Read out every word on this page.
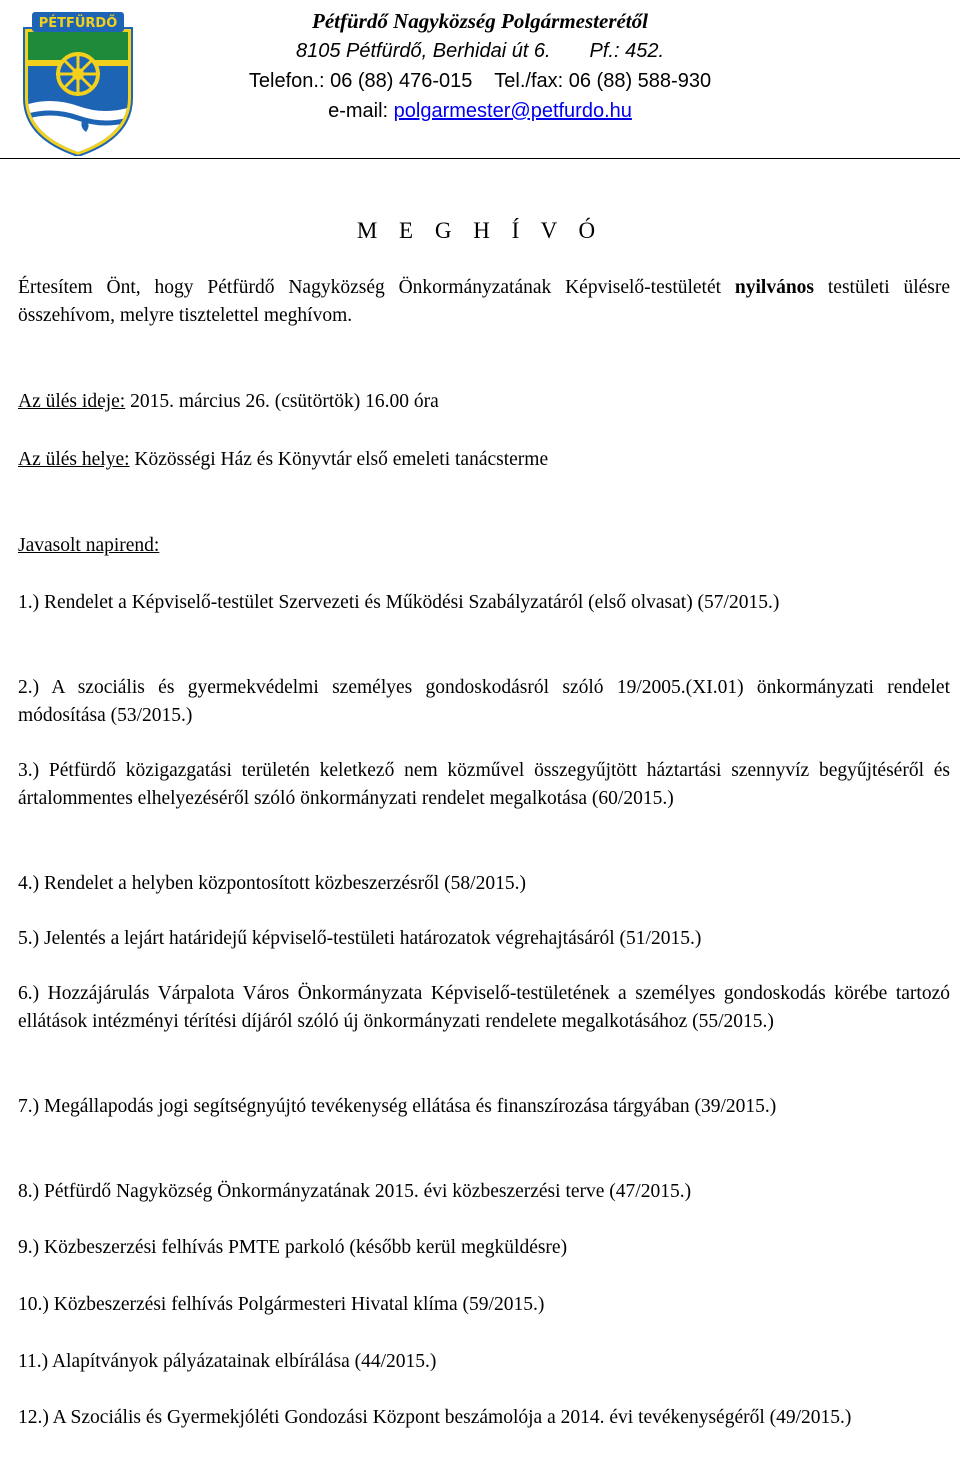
PÉTFÜRDŐ	Pétfürdő Nagyközség Polgármesterétől
8105 Pétfürdő, Berhidai út 6. Pf.: 452.
Telefon.: 06 (88) 476-015 Tel./fax: 06 (88) 588-930
e-mail: polgarmester@petfurdo.hu
M E G H Í V Ó
Értesítem Önt, hogy Pétfürdő Nagyközség Önkormányzatának Képviselő-testületét nyilvános testületi ülésre összehívom, melyre tisztelettel meghívom.
Az ülés ideje: 2015. március 26. (csütörtök) 16.00 óra
Az ülés helye: Közösségi Ház és Könyvtár első emeleti tanácsterme
Javasolt napirend:
1.) Rendelet a Képviselő-testület Szervezeti és Működési Szabályzatáról (első olvasat) (57/2015.)
2.) A szociális és gyermekvédelmi személyes gondoskodásról szóló 19/2005.(XI.01) önkormányzati rendelet módosítása (53/2015.)
3.) Pétfürdő közigazgatási területén keletkező nem közművel összegyűjtött háztartási szennyvíz begyűjtéséről és ártalommentes elhelyezéséről szóló önkormányzati rendelet megalkotása (60/2015.)
4.) Rendelet a helyben központosított közbeszerzésről (58/2015.)
5.) Jelentés a lejárt határidejű képviselő-testületi határozatok végrehajtásáról (51/2015.)
6.) Hozzájárulás Várpalota Város Önkormányzata Képviselő-testületének a személyes gondoskodás körébe tartozó ellátások intézményi térítési díjáról szóló új önkormányzati rendelete megalkotásához (55/2015.)
7.) Megállapodás jogi segítségnyújtó tevékenység ellátása és finanszírozása tárgyában (39/2015.)
8.) Pétfürdő Nagyközség Önkormányzatának 2015. évi közbeszerzési terve (47/2015.)
9.) Közbeszerzési felhívás PMTE parkoló (később kerül megküldésre)
10.) Közbeszerzési felhívás Polgármesteri Hivatal klíma (59/2015.)
11.) Alapítványok pályázatainak elbírálása (44/2015.)
12.) A Szociális és Gyermekjóléti Gondozási Központ beszámolója a 2014. évi tevékenységéről (49/2015.)
